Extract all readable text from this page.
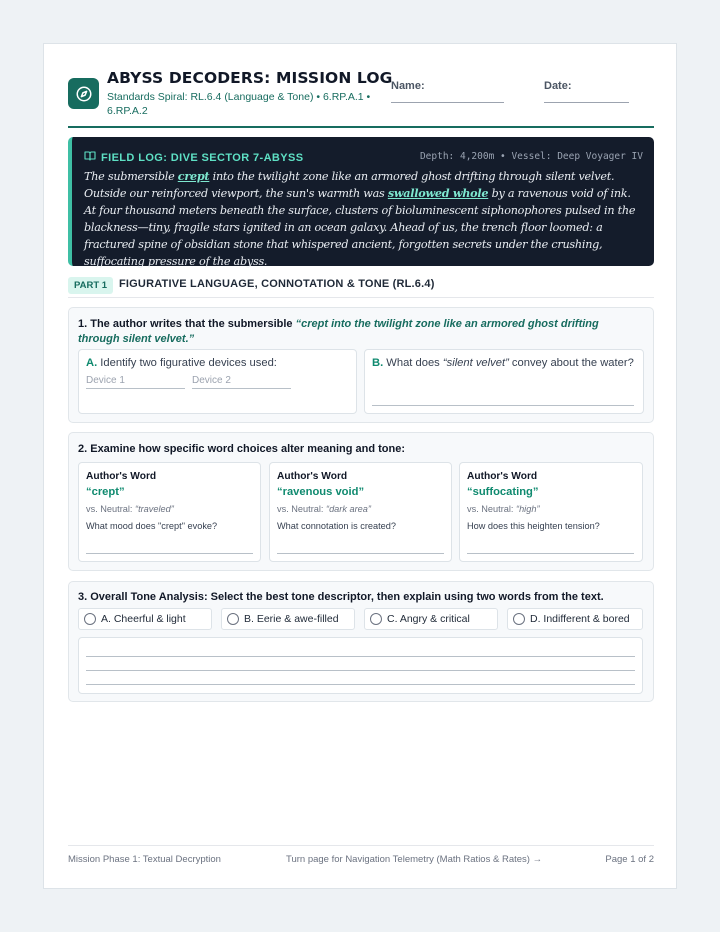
ABYSS DECODERS: MISSION LOG
Standards Spiral: RL.6.4 (Language & Tone) • 6.RP.A.1 • 6.RP.A.2
Name:	Date:
FIELD LOG: DIVE SECTOR 7-ABYSS	Depth: 4,200m • Vessel: Deep Voyager IV
The submersible crept into the twilight zone like an armored ghost drifting through silent velvet. Outside our reinforced viewport, the sun's warmth was swallowed whole by a ravenous void of ink. At four thousand meters beneath the surface, clusters of bioluminescent siphonophores pulsed in the blackness—tiny, fragile stars ignited in an ocean galaxy. Ahead of us, the trench floor loomed: a fractured spine of obsidian stone that whispered ancient, forgotten secrets under the crushing, suffocating pressure of the abyss.
PART 1	FIGURATIVE LANGUAGE, CONNOTATION & TONE (RL.6.4)
1. The author writes that the submersible “crept into the twilight zone like an armored ghost drifting through silent velvet.”
A. Identify two figurative devices used:
Device 1	Device 2
B. What does “silent velvet” convey about the water?
2. Examine how specific word choices alter meaning and tone:
Author's Word
“crept”
vs. Neutral: “traveled”
What mood does "crept" evoke?
Author's Word
“ravenous void”
vs. Neutral: “dark area”
What connotation is created?
Author's Word
“suffocating”
vs. Neutral: “high”
How does this heighten tension?
3. Overall Tone Analysis: Select the best tone descriptor, then explain using two words from the text.
A. Cheerful & light	B. Eerie & awe-filled	C. Angry & critical	D. Indifferent & bored
Mission Phase 1: Textual Decryption	Turn page for Navigation Telemetry (Math Ratios & Rates) →	Page 1 of 2
